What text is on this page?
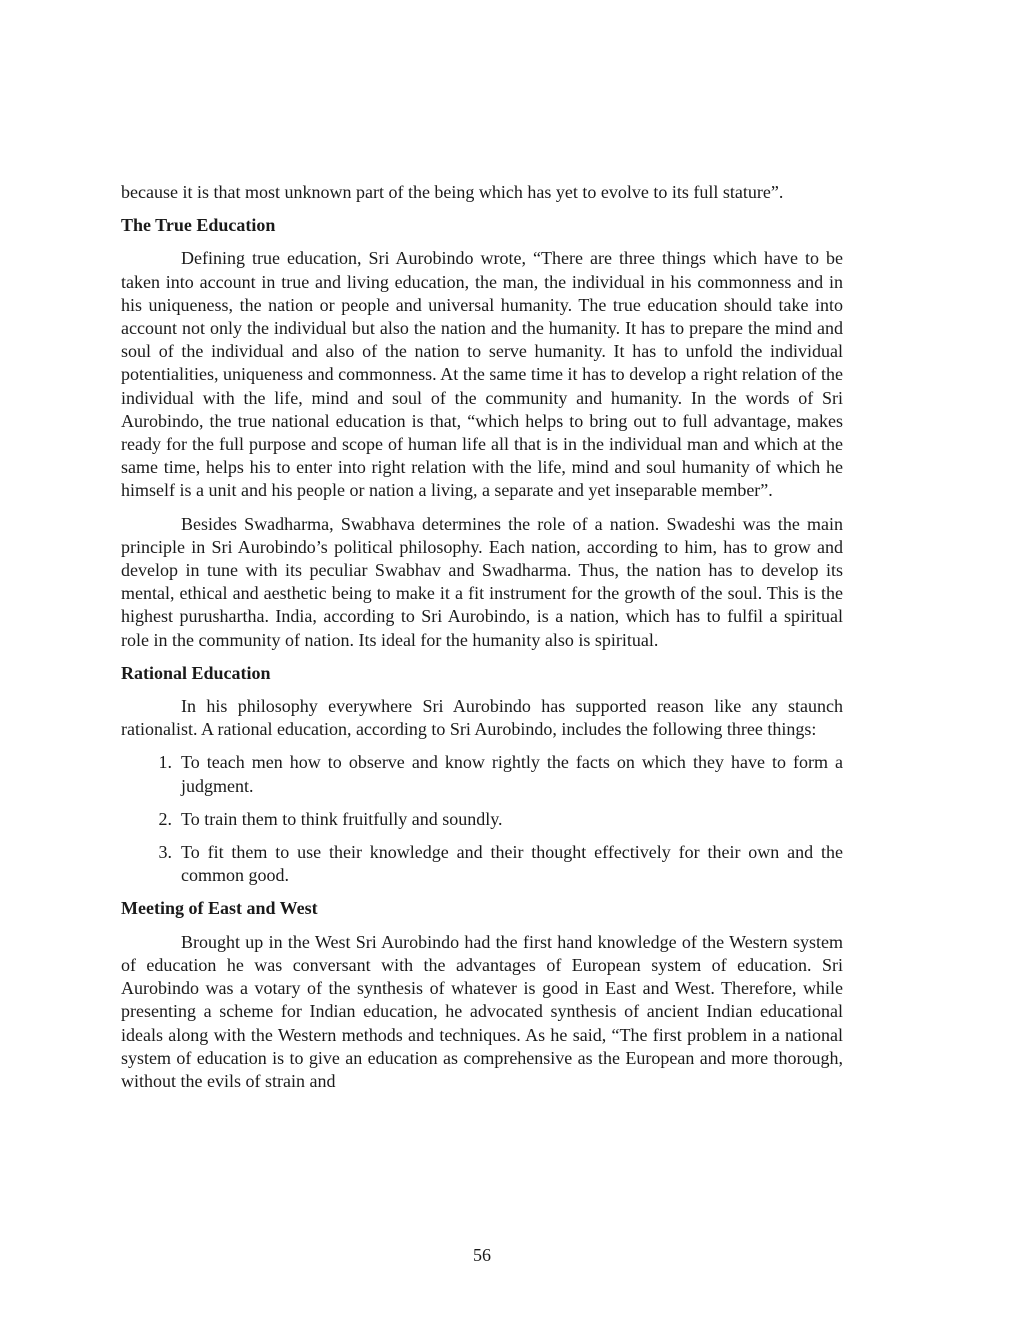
because it is that most unknown part of the being which has yet to evolve to its full stature”.

The True Education

Defining true education, Sri Aurobindo wrote, “There are three things which have to be taken into account in true and living education, the man, the individual in his commonness and in his uniqueness, the nation or people and universal humanity. The true education should take into account not only the individual but also the nation and the humanity. It has to prepare the mind and soul of the individual and also of the nation to serve humanity. It has to unfold the individual potentialities, uniqueness and commonness. At the same time it has to develop a right relation of the individual with the life, mind and soul of the community and humanity. In the words of Sri Aurobindo, the true national education is that, “which helps to bring out to full advantage, makes ready for the full purpose and scope of human life all that is in the individual man and which at the same time, helps his to enter into right relation with the life, mind and soul humanity of which he himself is a unit and his people or nation a living, a separate and yet inseparable member”.

Besides Swadharma, Swabhava determines the role of a nation. Swadeshi was the main principle in Sri Aurobindo’s political philosophy. Each nation, according to him, has to grow and develop in tune with its peculiar Swabhav and Swadharma. Thus, the nation has to develop its mental, ethical and aesthetic being to make it a fit instrument for the growth of the soul. This is the highest purushartha. India, according to Sri Aurobindo, is a nation, which has to fulfil a spiritual role in the community of nation. Its ideal for the humanity also is spiritual.

Rational Education

In his philosophy everywhere Sri Aurobindo has supported reason like any staunch rationalist. A rational education, according to Sri Aurobindo, includes the following three things:

1. To teach men how to observe and know rightly the facts on which they have to form a judgment.
2. To train them to think fruitfully and soundly.
3. To fit them to use their knowledge and their thought effectively for their own and the common good.
Meeting of East and West

Brought up in the West Sri Aurobindo had the first hand knowledge of the Western system of education he was conversant with the advantages of European system of education. Sri Aurobindo was a votary of the synthesis of whatever is good in East and West. Therefore, while presenting a scheme for Indian education, he advocated synthesis of ancient Indian educational ideals along with the Western methods and techniques. As he said, “The first problem in a national system of education is to give an education as comprehensive as the European and more thorough, without the evils of strain and

56
